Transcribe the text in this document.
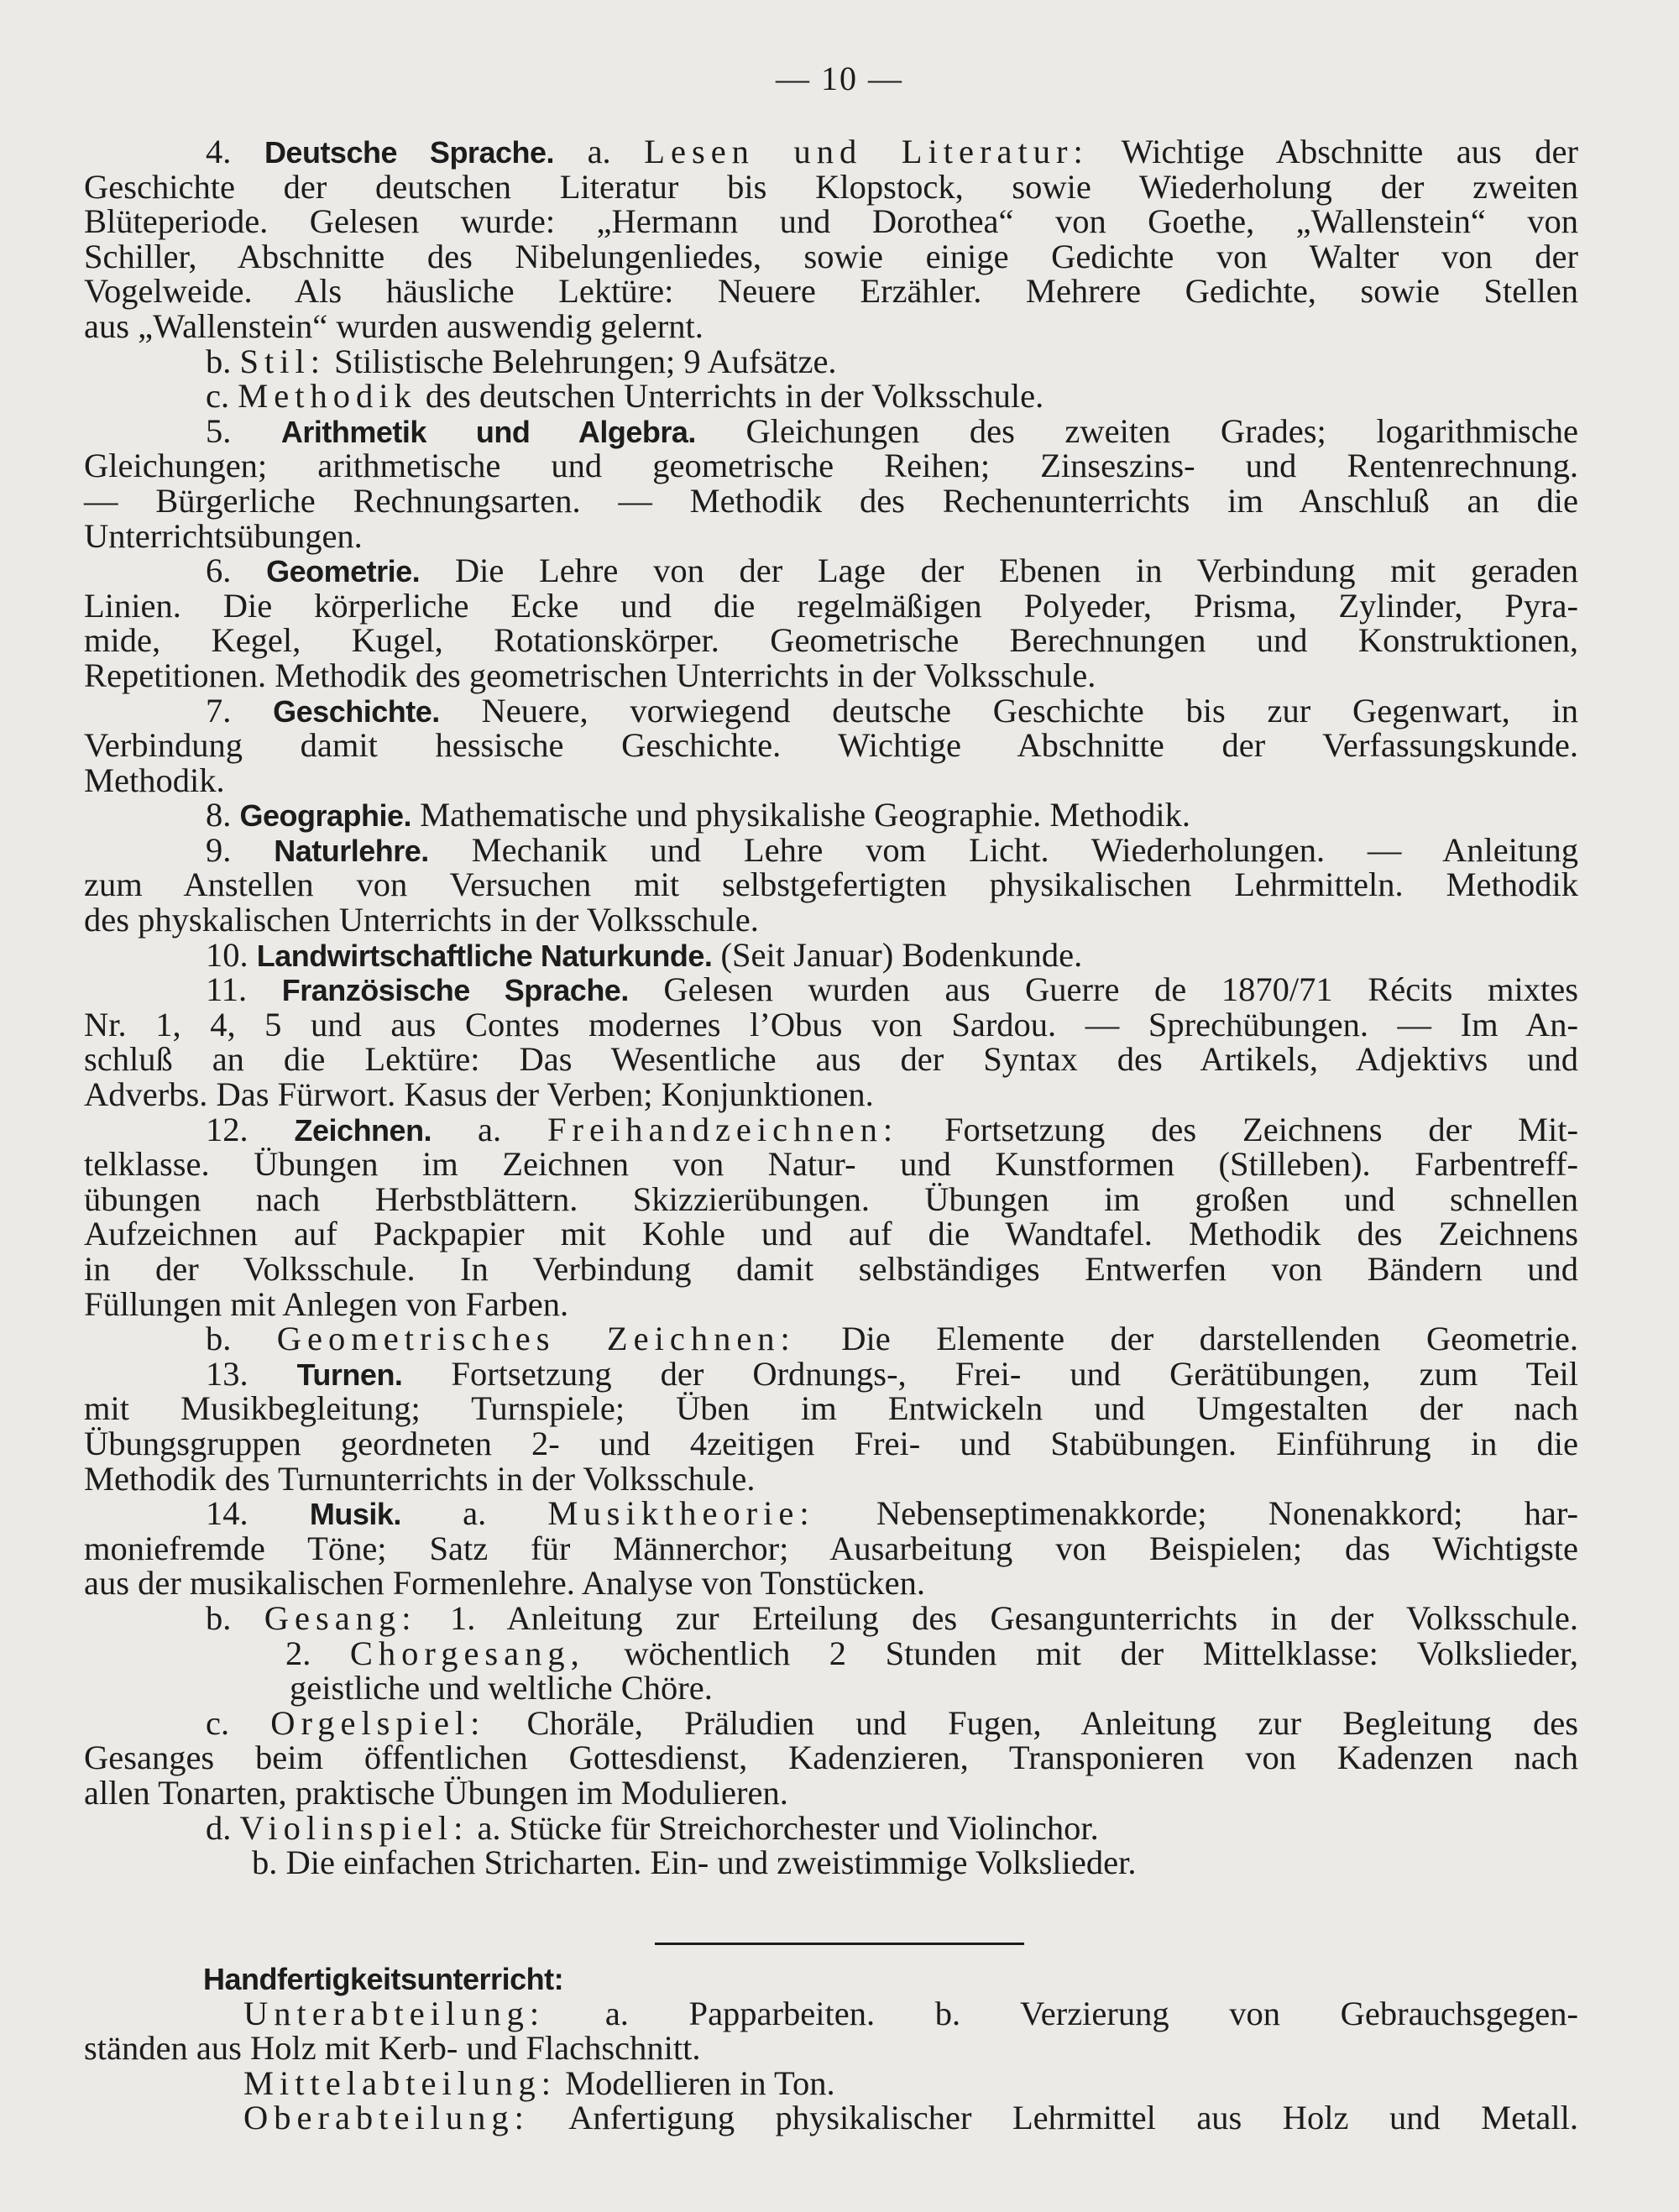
— 10 —
4. Deutsche Sprache. a. Lesen und Literatur: Wichtige Abschnitte aus der
Geschichte der deutschen Literatur bis Klopstock, sowie Wiederholung der zweiten
Blüteperiode. Gelesen wurde: „Hermann und Dorothea“ von Goethe, „Wallenstein“ von
Schiller, Abschnitte des Nibelungenliedes, sowie einige Gedichte von Walter von der
Vogelweide. Als häusliche Lektüre: Neuere Erzähler. Mehrere Gedichte, sowie Stellen
aus „Wallenstein“ wurden auswendig gelernt.
b. Stil: Stilistische Belehrungen; 9 Aufsätze.
c. Methodik des deutschen Unterrichts in der Volksschule.
5. Arithmetik und Algebra. Gleichungen des zweiten Grades; logarithmische
Gleichungen; arithmetische und geometrische Reihen; Zinseszins- und Rentenrechnung.
— Bürgerliche Rechnungsarten. — Methodik des Rechenunterrichts im Anschluß an die
Unterrichtsübungen.
6. Geometrie. Die Lehre von der Lage der Ebenen in Verbindung mit geraden
Linien. Die körperliche Ecke und die regelmäßigen Polyeder, Prisma, Zylinder, Pyra-
mide, Kegel, Kugel, Rotationskörper. Geometrische Berechnungen und Konstruktionen,
Repetitionen. Methodik des geometrischen Unterrichts in der Volksschule.
7. Geschichte. Neuere, vorwiegend deutsche Geschichte bis zur Gegenwart, in
Verbindung damit hessische Geschichte. Wichtige Abschnitte der Verfassungskunde.
Methodik.
8. Geographie. Mathematische und physikalishe Geographie. Methodik.
9. Naturlehre. Mechanik und Lehre vom Licht. Wiederholungen. — Anleitung
zum Anstellen von Versuchen mit selbstgefertigten physikalischen Lehrmitteln. Methodik
des physkalischen Unterrichts in der Volksschule.
10. Landwirtschaftliche Naturkunde. (Seit Januar) Bodenkunde.
11. Französische Sprache. Gelesen wurden aus Guerre de 1870/71 Récits mixtes
Nr. 1, 4, 5 und aus Contes modernes l’Obus von Sardou. — Sprechübungen. — Im An-
schluß an die Lektüre: Das Wesentliche aus der Syntax des Artikels, Adjektivs und
Adverbs. Das Fürwort. Kasus der Verben; Konjunktionen.
12. Zeichnen. a. Freihandzeichnen: Fortsetzung des Zeichnens der Mit-
telklasse. Übungen im Zeichnen von Natur- und Kunstformen (Stilleben). Farbentreff-
übungen nach Herbstblättern. Skizzierübungen. Übungen im großen und schnellen
Aufzeichnen auf Packpapier mit Kohle und auf die Wandtafel. Methodik des Zeichnens
in der Volksschule. In Verbindung damit selbständiges Entwerfen von Bändern und
Füllungen mit Anlegen von Farben.
b. Geometrisches Zeichnen: Die Elemente der darstellenden Geometrie.
13. Turnen. Fortsetzung der Ordnungs-, Frei- und Gerätübungen, zum Teil
mit Musikbegleitung; Turnspiele; Üben im Entwickeln und Umgestalten der nach
Übungsgruppen geordneten 2- und 4zeitigen Frei- und Stabübungen. Einführung in die
Methodik des Turnunterrichts in der Volksschule.
14. Musik. a. Musiktheorie: Nebenseptimenakkorde; Nonenakkord; har-
moniefremde Töne; Satz für Männerchor; Ausarbeitung von Beispielen; das Wichtigste
aus der musikalischen Formenlehre. Analyse von Tonstücken.
b. Gesang: 1. Anleitung zur Erteilung des Gesangunterrichts in der Volksschule.
2. Chorgesang, wöchentlich 2 Stunden mit der Mittelklasse: Volkslieder,
geistliche und weltliche Chöre.
c. Orgelspiel: Choräle, Präludien und Fugen, Anleitung zur Begleitung des
Gesanges beim öffentlichen Gottesdienst, Kadenzieren, Transponieren von Kadenzen nach
allen Tonarten, praktische Übungen im Modulieren.
d. Violinspiel: a. Stücke für Streichorchester und Violinchor.
b. Die einfachen Stricharten. Ein- und zweistimmige Volkslieder.
Handfertigkeitsunterricht:
Unterabteilung: a. Papparbeiten. b. Verzierung von Gebrauchsgegen-
ständen aus Holz mit Kerb- und Flachschnitt.
Mittelabteilung: Modellieren in Ton.
Oberabteilung: Anfertigung physikalischer Lehrmittel aus Holz und Metall.
